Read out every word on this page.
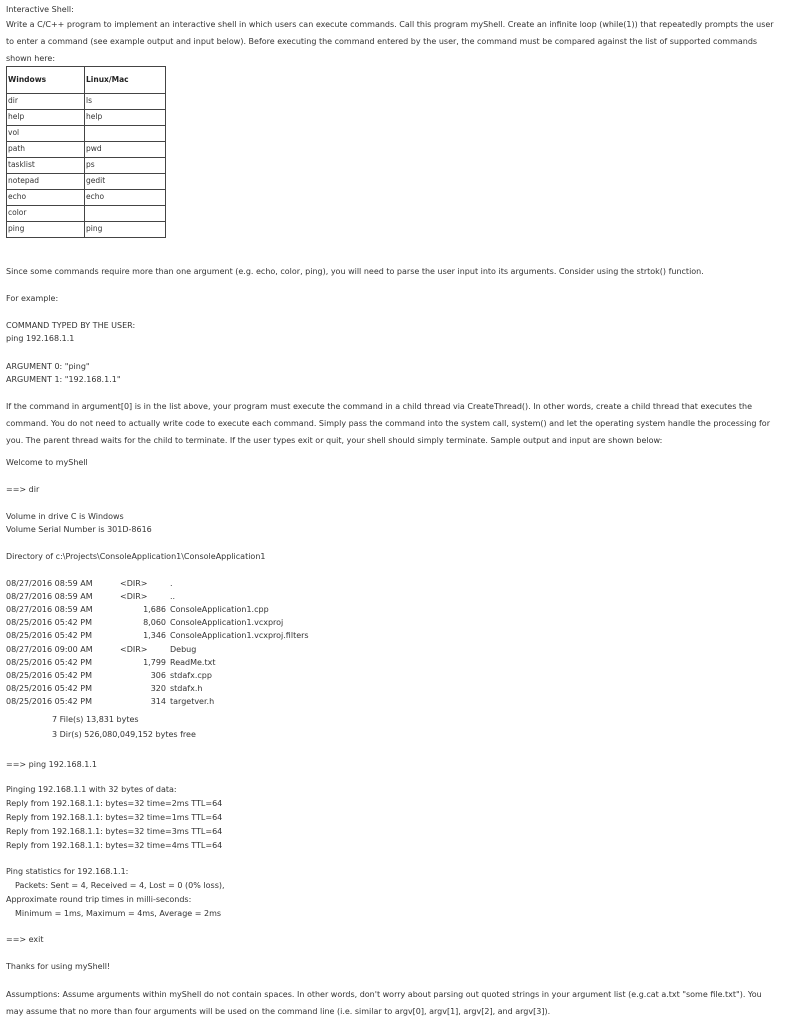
Interactive Shell:
Write a C/C++ program to implement an interactive shell in which users can execute commands. Call this program myShell. Create an infinite loop (while(1)) that repeatedly prompts the user to enter a command (see example output and input below). Before executing the command entered by the user, the command must be compared against the list of supported commands shown here:
Windows	Linux/Mac
dir	ls
help	help
vol	
path	pwd
tasklist	ps
notepad	gedit
echo	echo
color	
ping	ping
Since some commands require more than one argument (e.g. echo, color, ping), you will need to parse the user input into its arguments. Consider using the strtok() function.
For example:
COMMAND TYPED BY THE USER:
ping 192.168.1.1
ARGUMENT 0: "ping"
ARGUMENT 1: "192.168.1.1"
If the command in argument[0] is in the list above, your program must execute the command in a child thread via CreateThread(). In other words, create a child thread that executes the command. You do not need to actually write code to execute each command. Simply pass the command into the system call, system() and let the operating system handle the processing for you. The parent thread waits for the child to terminate. If the user types exit or quit, your shell should simply terminate. Sample output and input are shown below:
Welcome to myShell
==> dir
Volume in drive C is Windows
Volume Serial Number is 301D-8616
Directory of c:\Projects\ConsoleApplication1\ConsoleApplication1
08/27/2016 08:59 AM	<DIR>	.
08/27/2016 08:59 AM	<DIR>	..
08/27/2016 08:59 AM	1,686 ConsoleApplication1.cpp
08/25/2016 05:42 PM	8,060 ConsoleApplication1.vcxproj
08/25/2016 05:42 PM	1,346 ConsoleApplication1.vcxproj.filters
08/27/2016 09:00 AM	<DIR>	Debug
08/25/2016 05:42 PM	1,799 ReadMe.txt
08/25/2016 05:42 PM	306 stdafx.cpp
08/25/2016 05:42 PM	320 stdafx.h
08/25/2016 05:42 PM	314 targetver.h
7 File(s) 13,831 bytes
3 Dir(s) 526,080,049,152 bytes free
==> ping 192.168.1.1
Pinging 192.168.1.1 with 32 bytes of data:
Reply from 192.168.1.1: bytes=32 time=2ms TTL=64
Reply from 192.168.1.1: bytes=32 time=1ms TTL=64
Reply from 192.168.1.1: bytes=32 time=3ms TTL=64
Reply from 192.168.1.1: bytes=32 time=4ms TTL=64
Ping statistics for 192.168.1.1:
Packets: Sent = 4, Received = 4, Lost = 0 (0% loss),
Approximate round trip times in milli-seconds:
Minimum = 1ms, Maximum = 4ms, Average = 2ms
==> exit
Thanks for using myShell!
Assumptions: Assume arguments within myShell do not contain spaces. In other words, don't worry about parsing out quoted strings in your argument list (e.g.cat a.txt "some file.txt"). You may assume that no more than four arguments will be used on the command line (i.e. similar to argv[0], argv[1], argv[2], and argv[3]).
